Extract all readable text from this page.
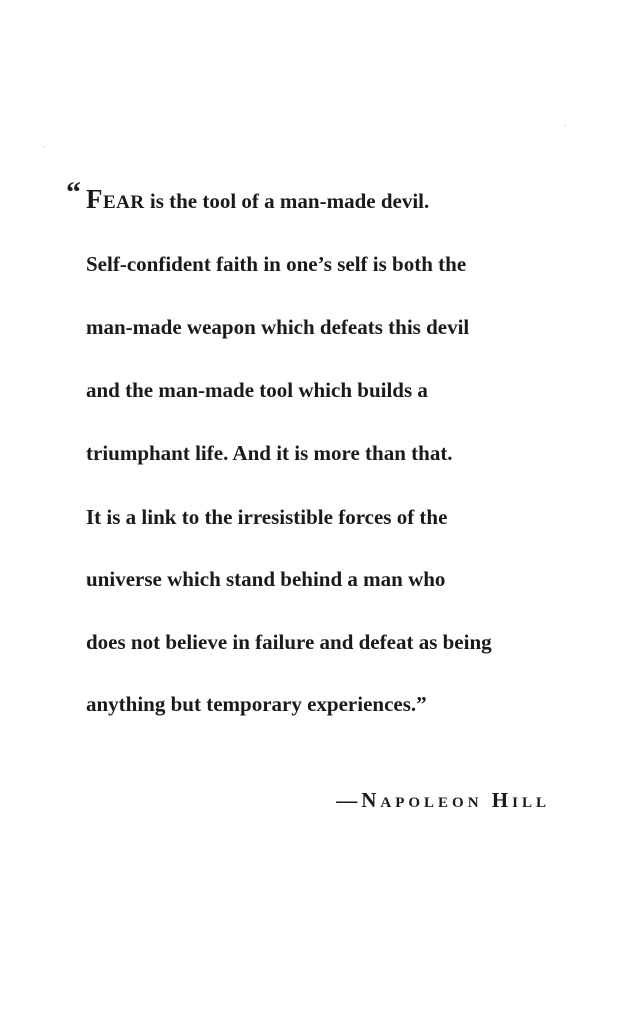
“ Fear is the tool of a man-made devil.
Self-confident faith in one’s self is both the
man-made weapon which defeats this devil
and the man-made tool which builds a
triumphant life. And it is more than that.
It is a link to the irresistible forces of the
universe which stand behind a man who
does not believe in failure and defeat as being
anything but temporary experiences.”
—Napoleon Hill
